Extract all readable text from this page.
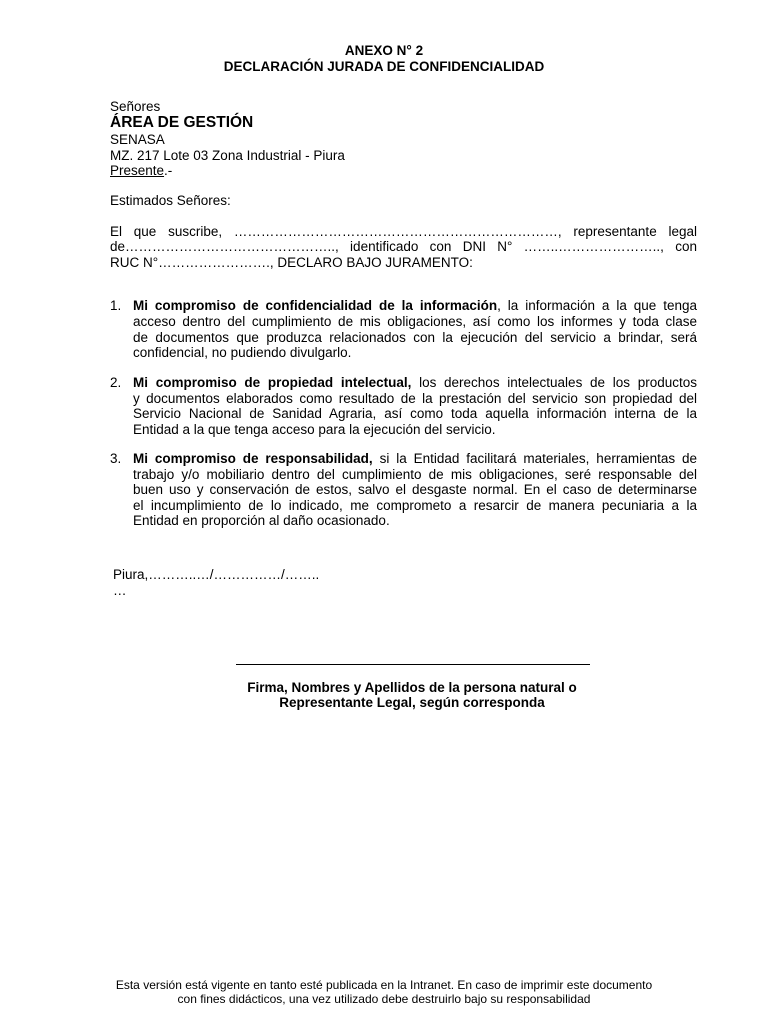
ANEXO N° 2
DECLARACIÓN JURADA DE CONFIDENCIALIDAD
Señores
ÁREA DE GESTIÓN
SENASA
MZ. 217 Lote 03 Zona Industrial - Piura
Presente.-
Estimados Señores:
El que suscribe, ………………………………………………………………, representante legal
de……………………………………….., identificado con DNI N° ……..………………….., con
RUC N°……………………., DECLARO BAJO JURAMENTO:
1. Mi compromiso de confidencialidad de la información, la información a la que tenga
acceso dentro del cumplimiento de mis obligaciones, así como los informes y toda clase
de documentos que produzca relacionados con la ejecución del servicio a brindar, será
confidencial, no pudiendo divulgarlo.
2. Mi compromiso de propiedad intelectual, los derechos intelectuales de los productos
y documentos elaborados como resultado de la prestación del servicio son propiedad del
Servicio Nacional de Sanidad Agraria, así como toda aquella información interna de la
Entidad a la que tenga acceso para la ejecución del servicio.
3. Mi compromiso de responsabilidad, si la Entidad facilitará materiales, herramientas de
trabajo y/o mobiliario dentro del cumplimiento de mis obligaciones, seré responsable del
buen uso y conservación de estos, salvo el desgaste normal. En el caso de determinarse
el incumplimiento de lo indicado, me comprometo a resarcir de manera pecuniaria a la
Entidad en proporción al daño ocasionado.
Piura,………..…/……………/……..
…
Firma, Nombres y Apellidos de la persona natural o
Representante Legal, según corresponda
Esta versión está vigente en tanto esté publicada en la Intranet. En caso de imprimir este documento
con fines didácticos, una vez utilizado debe destruirlo bajo su responsabilidad
